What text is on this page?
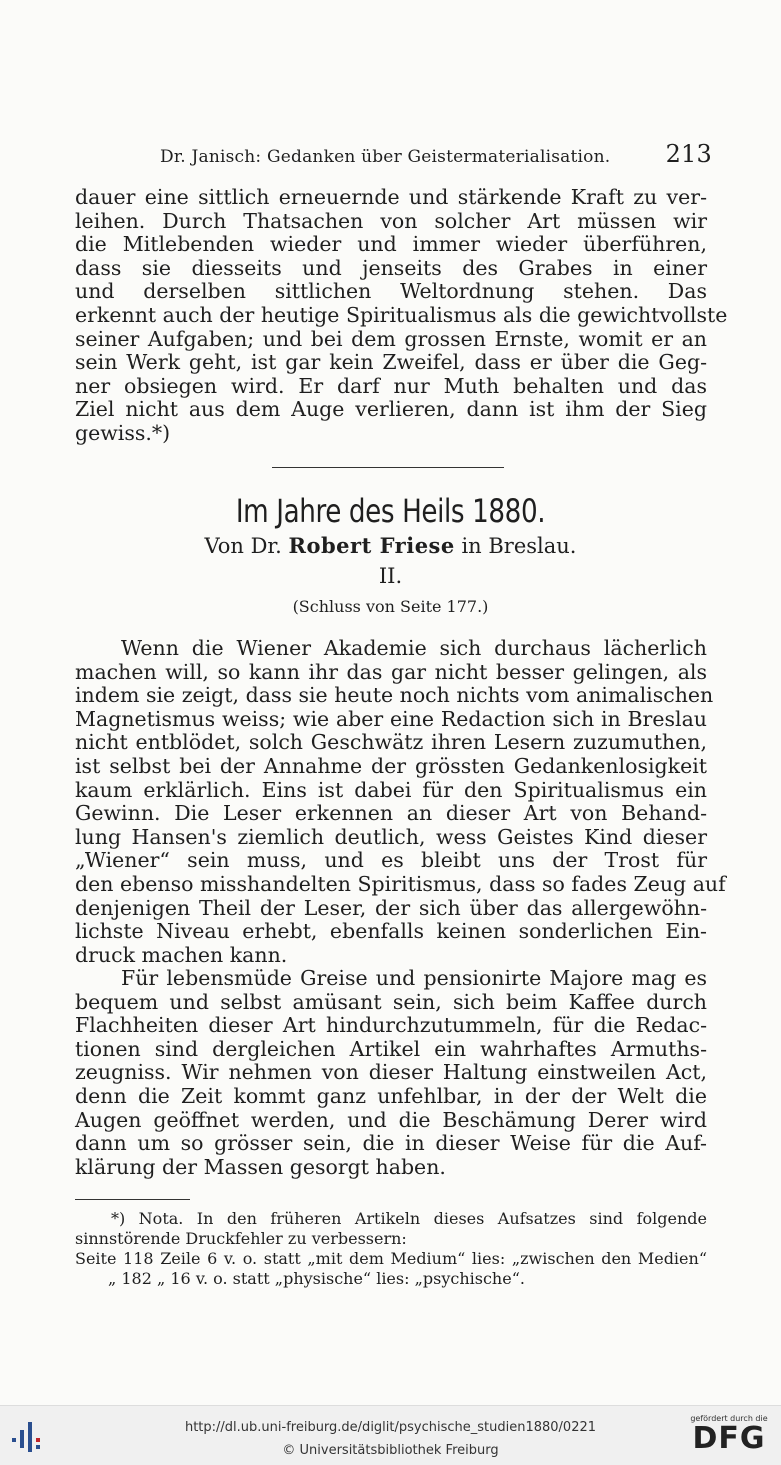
Dr. Janisch: Gedanken über Geistermaterialisation. 213
dauer eine sittlich erneuernde und stärkende Kraft zu ver-
leihen. Durch Thatsachen von solcher Art müssen wir
die Mitlebenden wieder und immer wieder überführen,
dass sie diesseits und jenseits des Grabes in einer
und derselben sittlichen Weltordnung stehen. Das
erkennt auch der heutige Spiritualismus als die gewichtvollste
seiner Aufgaben; und bei dem grossen Ernste, womit er an
sein Werk geht, ist gar kein Zweifel, dass er über die Geg-
ner obsiegen wird. Er darf nur Muth behalten und das
Ziel nicht aus dem Auge verlieren, dann ist ihm der Sieg
gewiss.*)
Im Jahre des Heils 1880.
Von Dr. Robert Friese in Breslau.
II.
(Schluss von Seite 177.)
Wenn die Wiener Akademie sich durchaus lächerlich
machen will, so kann ihr das gar nicht besser gelingen, als
indem sie zeigt, dass sie heute noch nichts vom animalischen
Magnetismus weiss; wie aber eine Redaction sich in Breslau
nicht entblödet, solch Geschwätz ihren Lesern zuzumuthen,
ist selbst bei der Annahme der grössten Gedankenlosigkeit
kaum erklärlich. Eins ist dabei für den Spiritualismus ein
Gewinn. Die Leser erkennen an dieser Art von Behand-
lung Hansen's ziemlich deutlich, wess Geistes Kind dieser
„Wiener“ sein muss, und es bleibt uns der Trost für
den ebenso misshandelten Spiritismus, dass so fades Zeug auf
denjenigen Theil der Leser, der sich über das allergewöhn-
lichste Niveau erhebt, ebenfalls keinen sonderlichen Ein-
druck machen kann.
Für lebensmüde Greise und pensionirte Majore mag es
bequem und selbst amüsant sein, sich beim Kaffee durch
Flachheiten dieser Art hindurchzutummeln, für die Redac-
tionen sind dergleichen Artikel ein wahrhaftes Armuths-
zeugniss. Wir nehmen von dieser Haltung einstweilen Act,
denn die Zeit kommt ganz unfehlbar, in der der Welt die
Augen geöffnet werden, und die Beschämung Derer wird
dann um so grösser sein, die in dieser Weise für die Auf-
klärung der Massen gesorgt haben.
*) Nota. In den früheren Artikeln dieses Aufsatzes sind folgende
sinnstörende Druckfehler zu verbessern:
Seite 118 Zeile 6 v. o. statt „mit dem Medium“ lies: „zwischen den Medien“
„ 182 „ 16 v. o. statt „physische“ lies: „psychische“.
http://dl.ub.uni-freiburg.de/diglit/psychische_studien1880/0221
© Universitätsbibliothek Freiburg
gefördert durch die
DFG
